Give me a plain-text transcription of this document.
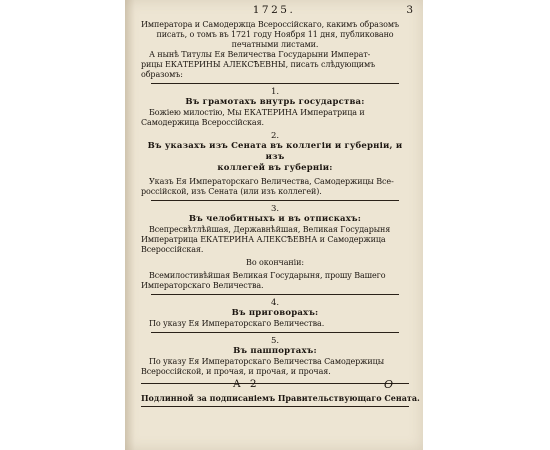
1725.	3
Императора и Самодержца Всероссійскаго, какимъ образомъ
писать, о томъ въ 1721 году Ноября 11 дня, публиковано
печатными листами.
А нынѣ Титулы Ея Величества Государыни Императ-
рицы ЕКАТЕРИНЫ АЛЕКСѢЕВНЫ, писать слѣдующимъ
образомъ:
1.
Въ грамотахъ внутрь государства:
Божіею милостію, Мы ЕКАТЕРИНА Императрица и
Самодержица Всероссійская.
2.
Въ указахъ изъ Сената въ коллегіи и губерніи, и изъ
коллегей въ губерніи:
Указъ Ея Императорскаго Величества, Самодержицы Все-
россійской, изъ Сената (или изъ коллегей).
3.
Въ челобитныхъ и въ отпискахъ:
Всепресвѣтлѣйшая, Державнѣйшая, Великая Государыня
Императрица ЕКАТЕРИНА АЛЕКСѢЕВНА и Самодержица
Всероссійская.
Во окончаніи:
Всемилостивѣйшая Великая Государыня, прошу Вашего
Императорскаго Величества.
4.
Въ приговорахъ:
По указу Ея Императорскаго Величества.
5.
Въ пашпортахъ:
По указу Ея Императорскаго Величества Самодержицы
Всероссійской, и прочая, и прочая, и прочая.
Подлинной за подписаніемъ Правительствующаго Сената.
A 2	О
